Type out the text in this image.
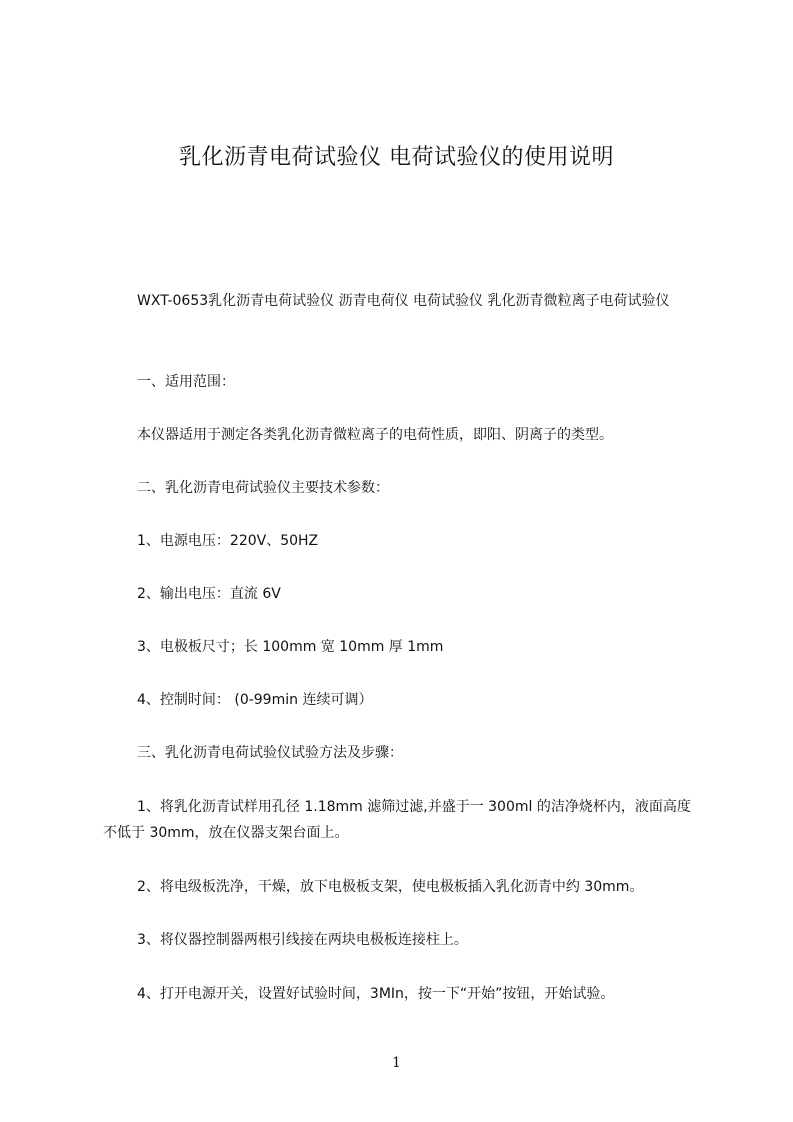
乳化沥青电荷试验仪 电荷试验仪的使用说明
WXT-0653乳化沥青电荷试验仪 沥青电荷仪 电荷试验仪 乳化沥青微粒离子电荷试验仪
一、适用范围：
本仪器适用于测定各类乳化沥青微粒离子的电荷性质，即阳、阴离子的类型。
二、乳化沥青电荷试验仪主要技术参数：
1、电源电压：220V、50HZ
2、输出电压：直流 6V
3、电极板尺寸；长 100mm 宽 10mm 厚 1mm
4、控制时间： (0-99min 连续可调）
三、乳化沥青电荷试验仪试验方法及步骤：
1、将乳化沥青试样用孔径 1.18mm 滤筛过滤,并盛于一 300ml 的洁净烧杯内，液面高度不低于 30mm，放在仪器支架台面上。
2、将电级板洗净，干燥，放下电极板支架，使电极板插入乳化沥青中约 30mm。
3、将仪器控制器两根引线接在两块电极板连接柱上。
4、打开电源开关，设置好试验时间，3MIn，按一下“开始”按钮，开始试验。
1
